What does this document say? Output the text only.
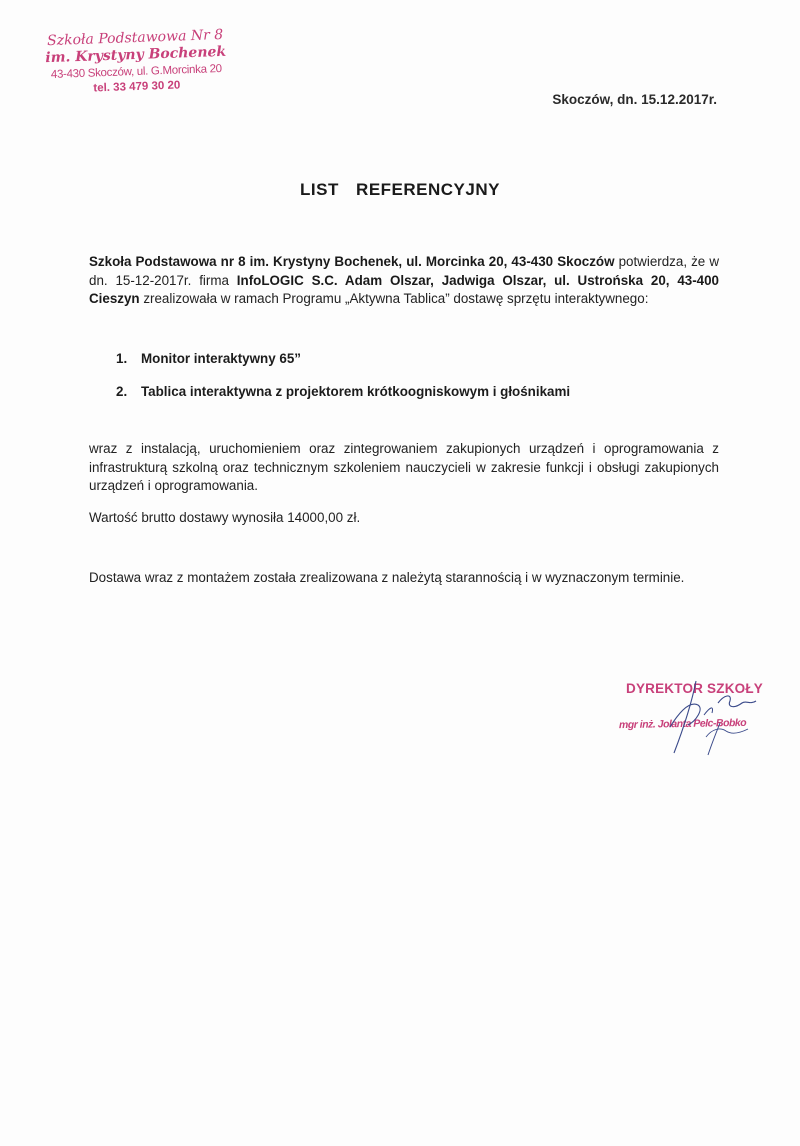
Szkoła Podstawowa Nr 8
im. Krystyny Bochenek
43-430 Skoczów, ul. G.Morcinka 20
tel. 33 479 30 20
Skoczów, dn. 15.12.2017r.
LIST REFERENCYJNY
Szkoła Podstawowa nr 8 im. Krystyny Bochenek, ul. Morcinka 20, 43-430 Skoczów potwierdza, że w dn. 15-12-2017r. firma InfoLOGIC S.C. Adam Olszar, Jadwiga Olszar, ul. Ustrońska 20, 43-400 Cieszyn zrealizowała w ramach Programu „Aktywna Tablica” dostawę sprzętu interaktywnego:
1. Monitor interaktywny 65”
2. Tablica interaktywna z projektorem krótkoogniskowym i głośnikami
wraz z instalacją, uruchomieniem oraz zintegrowaniem zakupionych urządzeń i oprogramowania z infrastrukturą szkolną oraz technicznym szkoleniem nauczycieli w zakresie funkcji i obsługi zakupionych urządzeń i oprogramowania.
Wartość brutto dostawy wynosiła 14000,00 zł.
Dostawa wraz z montażem została zrealizowana z należytą starannością i w wyznaczonym terminie.
DYREKTOR SZKOŁY
mgr inż. Jolanta Pelc-Bobko
